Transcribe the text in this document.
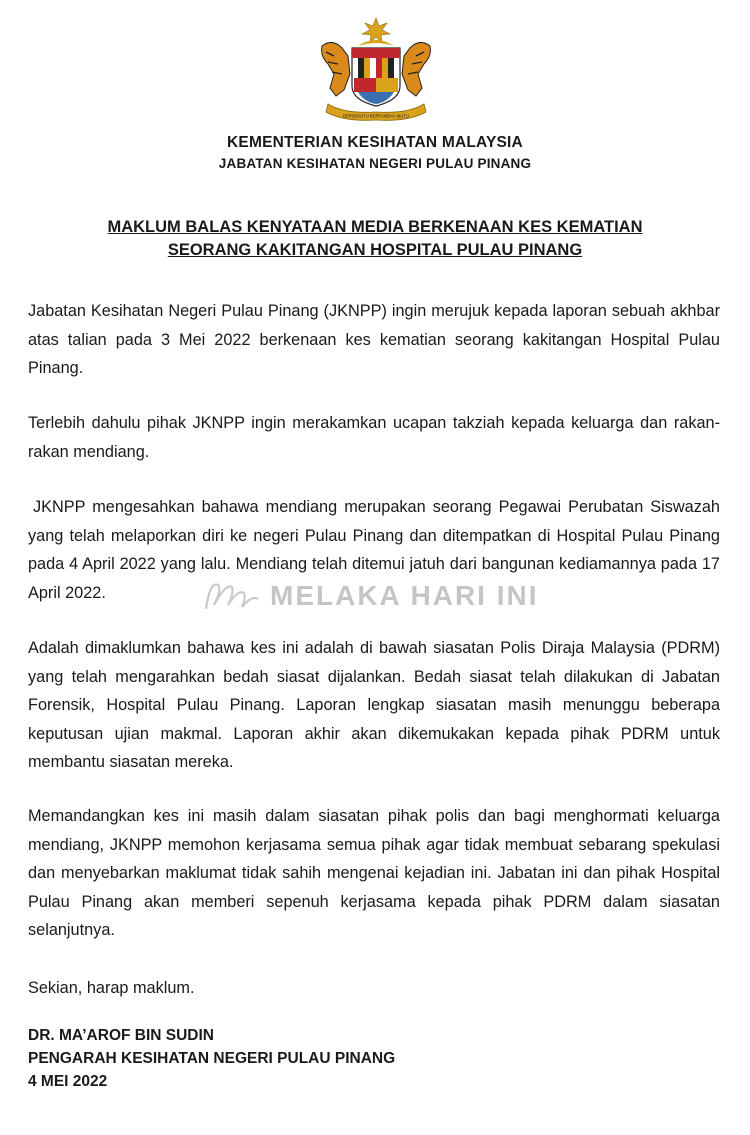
BERSEKUTU BERTAMBAH MUTU
KEMENTERIAN KESIHATAN MALAYSIA
JABATAN KESIHATAN NEGERI PULAU PINANG
MAKLUM BALAS KENYATAAN MEDIA BERKENAAN KES KEMATIAN
SEORANG KAKITANGAN HOSPITAL PULAU PINANG

Jabatan Kesihatan Negeri Pulau Pinang (JKNPP) ingin merujuk kepada laporan sebuah akhbar atas talian pada 3 Mei 2022 berkenaan kes kematian seorang kakitangan Hospital Pulau Pinang.

Terlebih dahulu pihak JKNPP ingin merakamkan ucapan takziah kepada keluarga dan rakan-rakan mendiang.

JKNPP mengesahkan bahawa mendiang merupakan seorang Pegawai Perubatan Siswazah yang telah melaporkan diri ke negeri Pulau Pinang dan ditempatkan di Hospital Pulau Pinang pada 4 April 2022 yang lalu. Mendiang telah ditemui jatuh dari bangunan kediamannya pada 17 April 2022.

Adalah dimaklumkan bahawa kes ini adalah di bawah siasatan Polis Diraja Malaysia (PDRM) yang telah mengarahkan bedah siasat dijalankan. Bedah siasat telah dilakukan di Jabatan Forensik, Hospital Pulau Pinang. Laporan lengkap siasatan masih menunggu beberapa keputusan ujian makmal. Laporan akhir akan dikemukakan kepada pihak PDRM untuk membantu siasatan mereka.

Memandangkan kes ini masih dalam siasatan pihak polis dan bagi menghormati keluarga mendiang, JKNPP memohon kerjasama semua pihak agar tidak membuat sebarang spekulasi dan menyebarkan maklumat tidak sahih mengenai kejadian ini. Jabatan ini dan pihak Hospital Pulau Pinang akan memberi sepenuh kerjasama kepada pihak PDRM dalam siasatan selanjutnya.

Sekian, harap maklum.

DR. MA’AROF BIN SUDIN
PENGARAH KESIHATAN NEGERI PULAU PINANG
4 MEI 2022
MELAKA HARI INI
